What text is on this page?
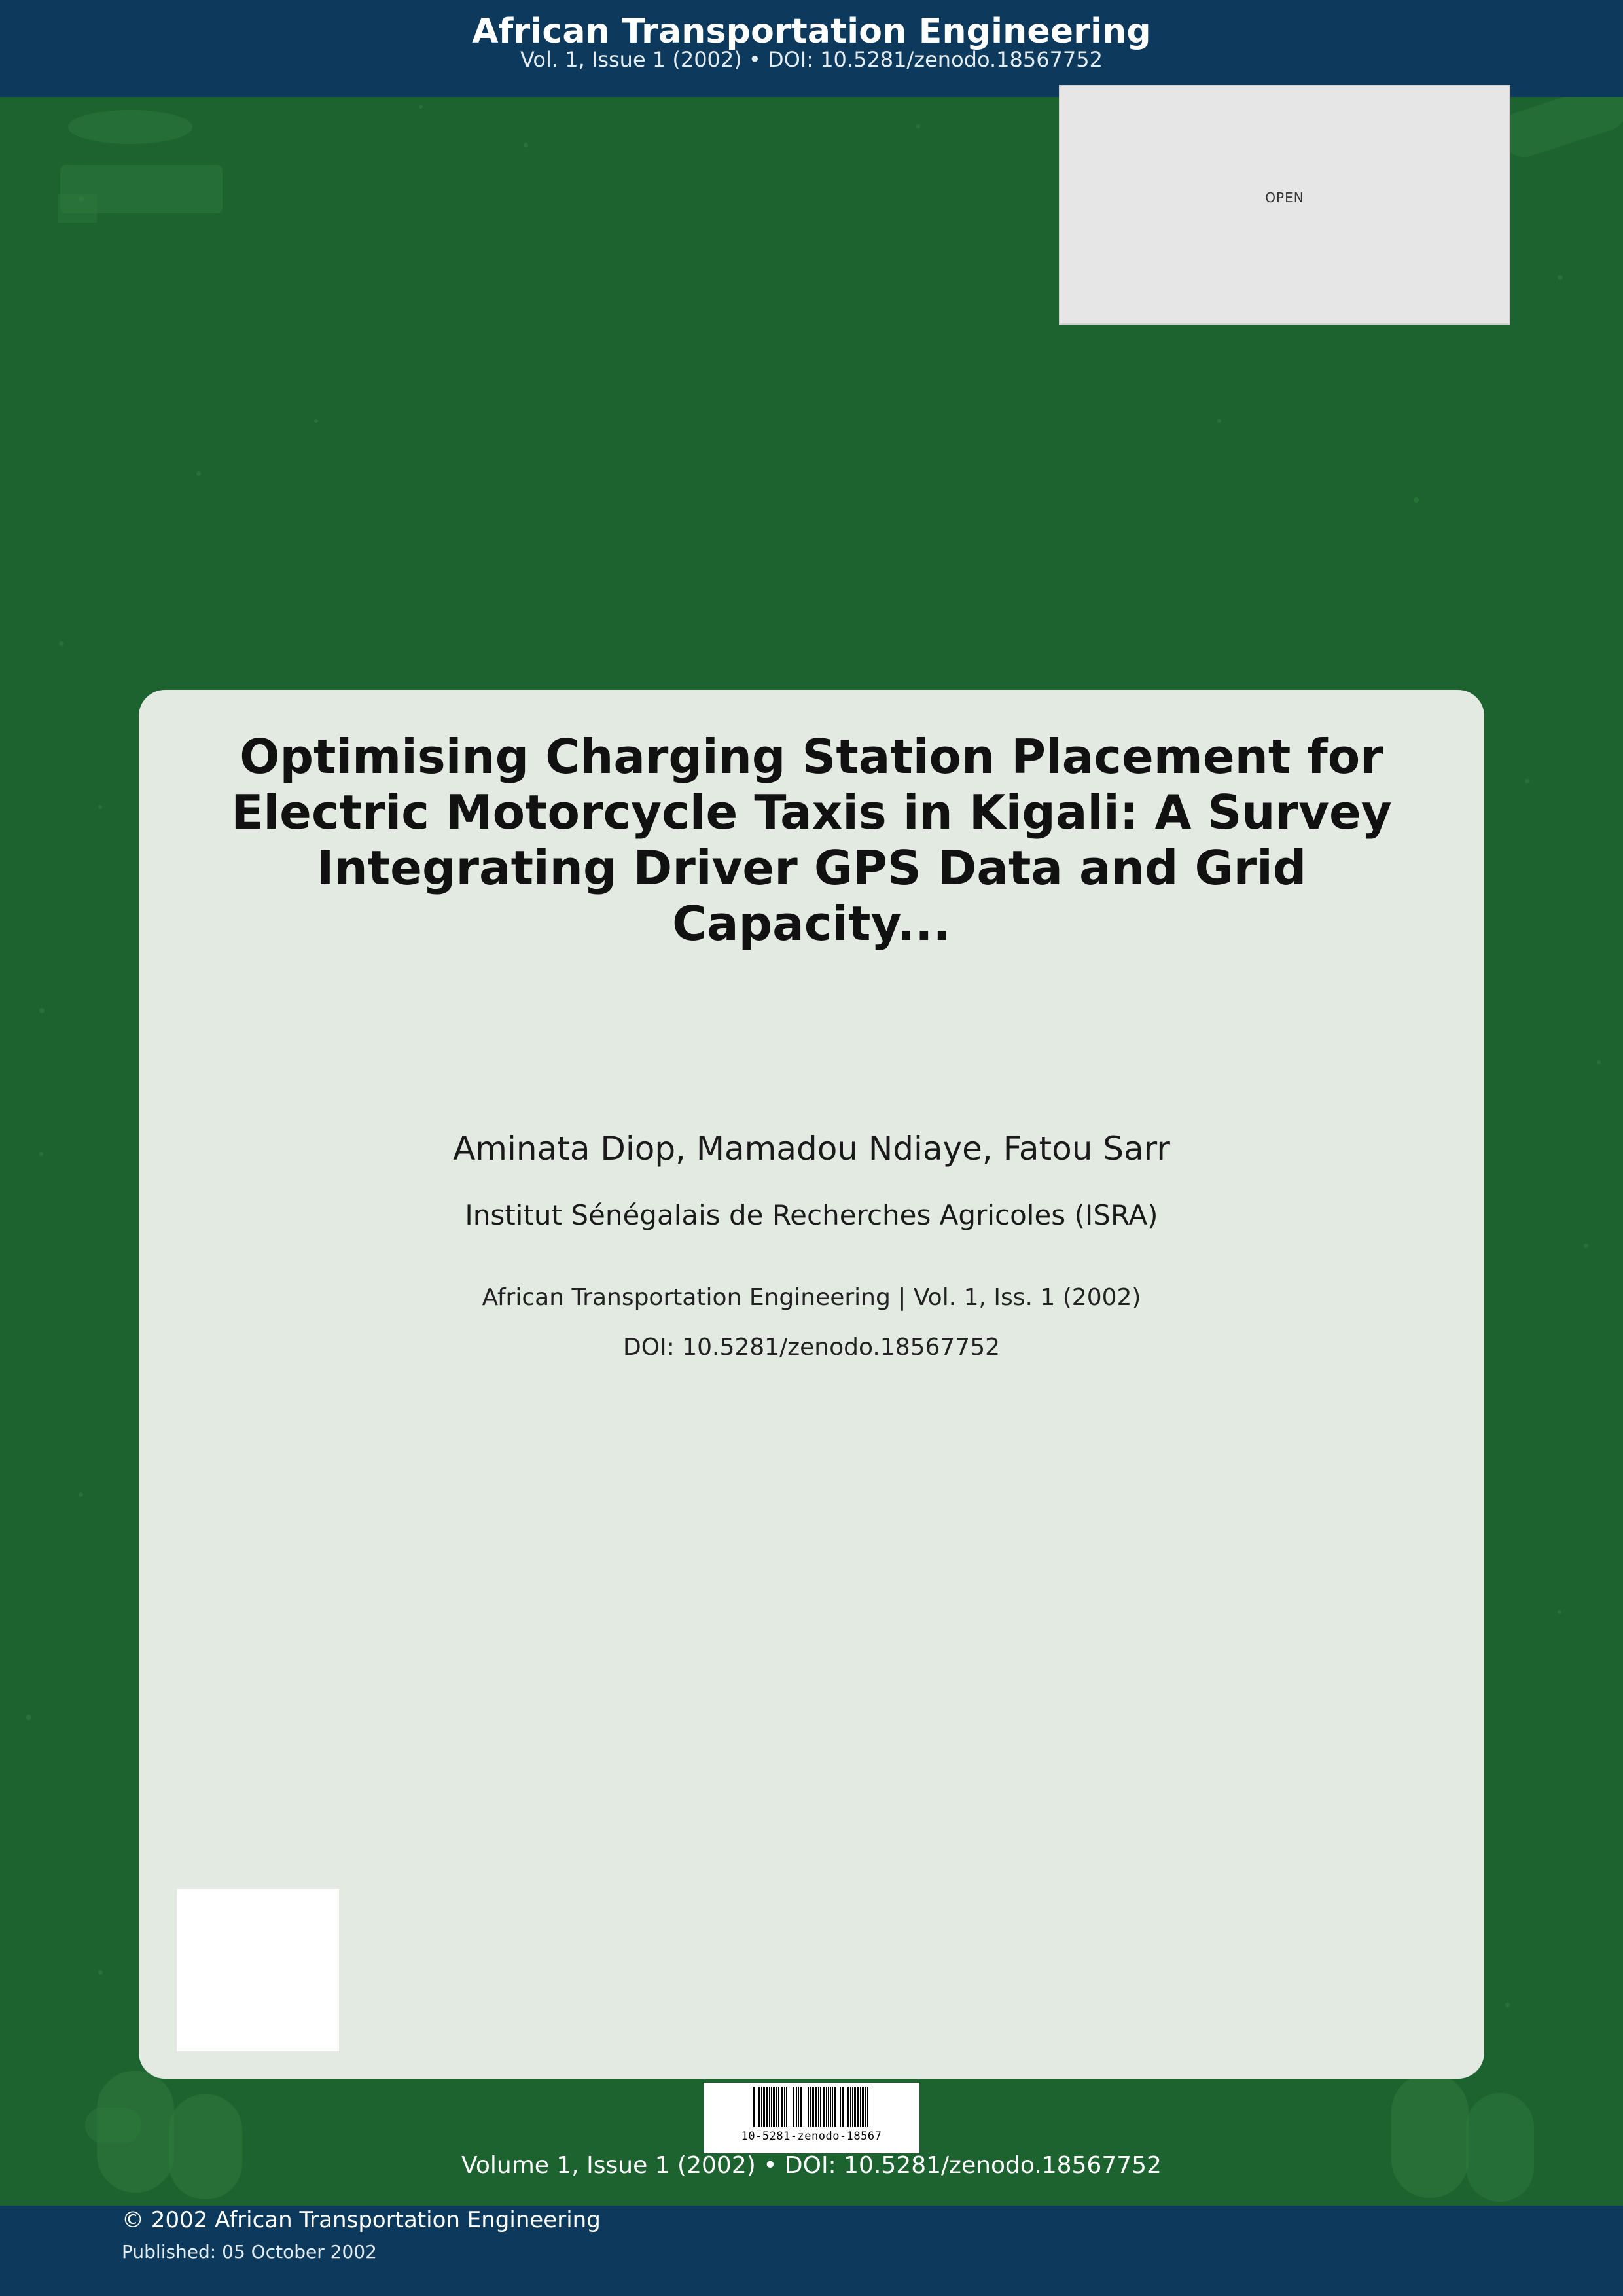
African Transportation Engineering
Vol. 1, Issue 1 (2002) • DOI: 10.5281/zenodo.18567752
OPEN
Optimising Charging Station Placement for Electric Motorcycle Taxis in Kigali: A Survey Integrating Driver GPS Data and Grid Capacity...
Aminata Diop, Mamadou Ndiaye, Fatou Sarr
Institut Sénégalais de Recherches Agricoles (ISRA)
African Transportation Engineering | Vol. 1, Iss. 1 (2002)
DOI: 10.5281/zenodo.18567752
10-5281-zenodo-18567
Volume 1, Issue 1 (2002) • DOI: 10.5281/zenodo.18567752
© 2002 African Transportation Engineering
Published: 05 October 2002
